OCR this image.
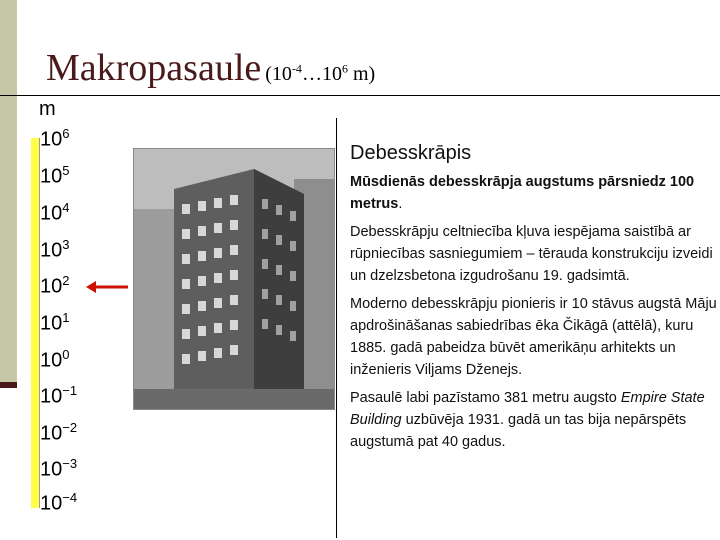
Makropasaule ($10^{-4}\dots 10^6$ m)
m
$10^6$
$10^5$
$10^4$
$10^3$
$10^2$
$10^1$
$10^0$
$10^{-1}$
$10^{-2}$
$10^{-3}$
$10^{-4}$
Debesskrāpis

Mūsdienās debesskrāpja augstums pārsniedz 100 metrus.

Debesskrāpju celtniecība kļuva iespējama saistībā ar rūpniecības sasniegumiem – tērauda konstrukciju izveidi un dzelzsbetona izgudrošanu 19. gadsimtā.

Moderno debesskrāpju pionieris ir 10 stāvus augstā Māju apdrošināšanas sabiedrības ēka Čikāgā (attēlā), kuru 1885. gadā pabeidza būvēt amerikāņu arhitekts un inženieris Viljams Dženejs.

Pasaulē labi pazīstamo 381 metru augsto Empire State Building uzbūvēja 1931. gadā un tas bija nepārspēts augstumā pat 40 gadus.
